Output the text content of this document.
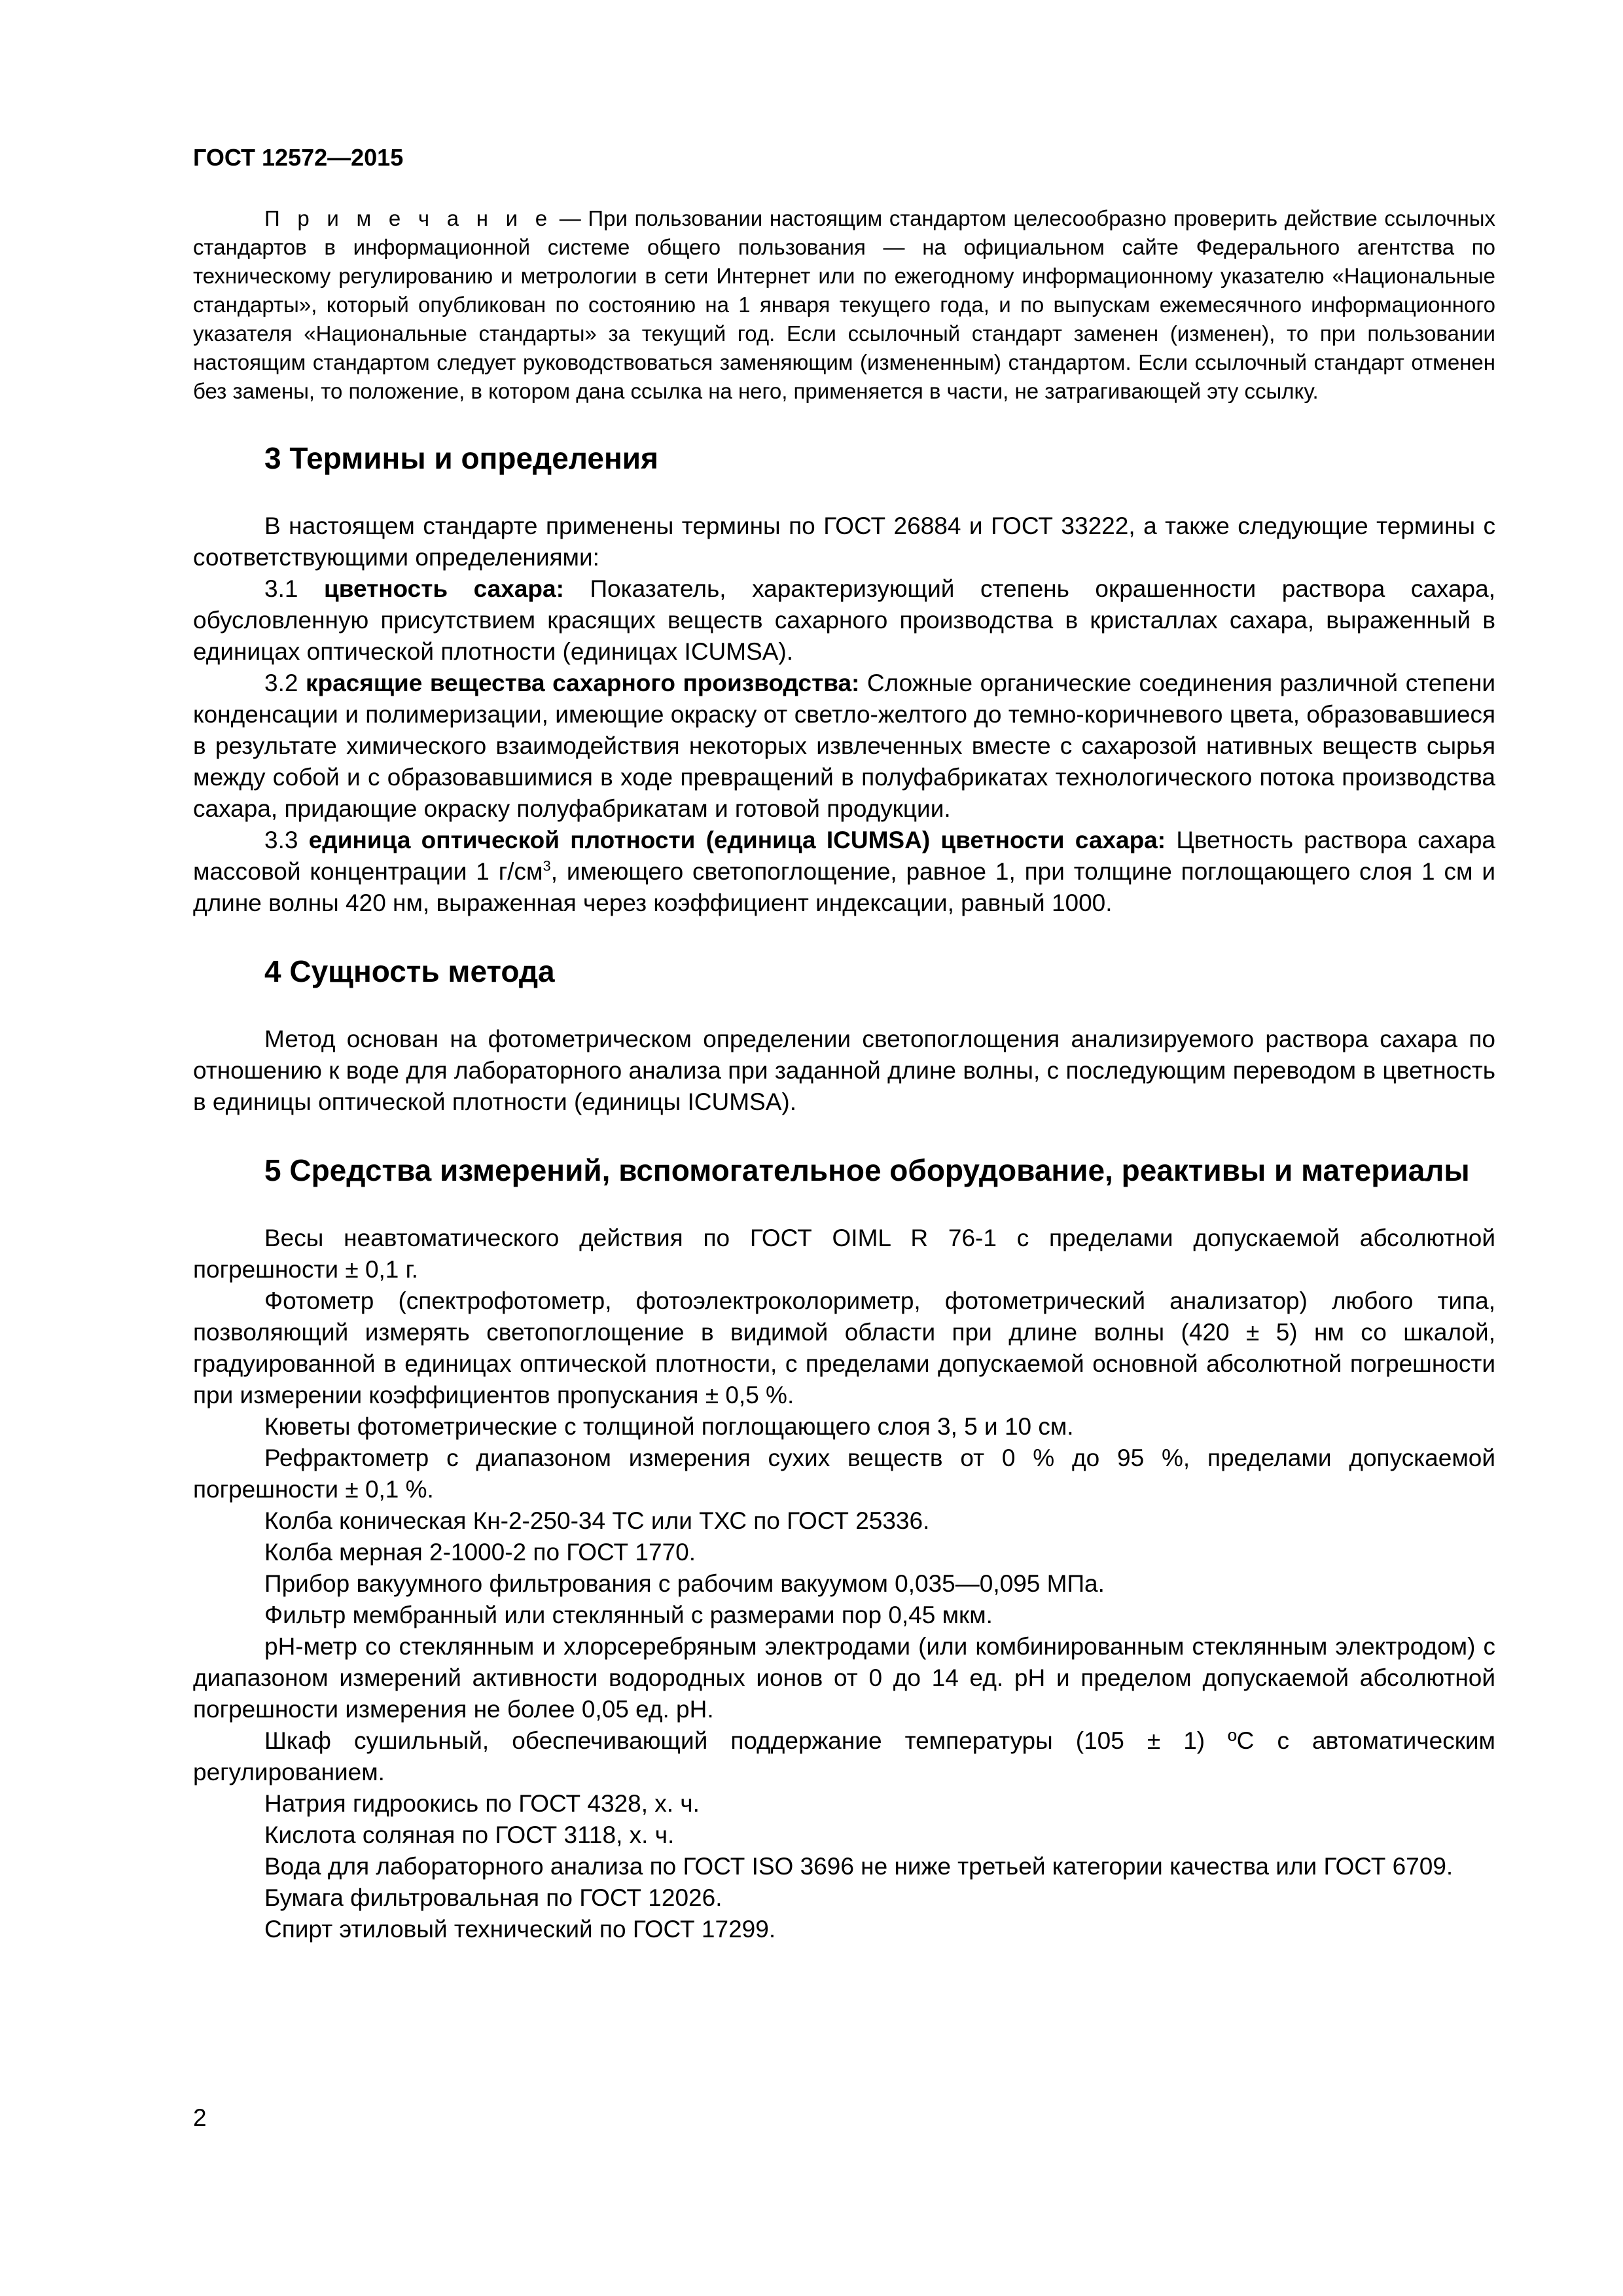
ГОСТ 12572—2015

П р и м е ч а н и е — При пользовании настоящим стандартом целесообразно проверить действие ссылочных стандартов в информационной системе общего пользования — на официальном сайте Федерального агентства по техническому регулированию и метрологии в сети Интернет или по ежегодному информационному указателю «Национальные стандарты», который опубликован по состоянию на 1 января текущего года, и по выпускам ежемесячного информационного указателя «Национальные стандарты» за текущий год. Если ссылочный стандарт заменен (изменен), то при пользовании настоящим стандартом следует руководствоваться заменяющим (измененным) стандартом. Если ссылочный стандарт отменен без замены, то положение, в котором дана ссылка на него, применяется в части, не затрагивающей эту ссылку.

3 Термины и определения

В настоящем стандарте применены термины по ГОСТ 26884 и ГОСТ 33222, а также следующие термины с соответствующими определениями:

3.1 цветность сахара: Показатель, характеризующий степень окрашенности раствора сахара, обусловленную присутствием красящих веществ сахарного производства в кристаллах сахара, выраженный в единицах оптической плотности (единицах ICUMSA).

3.2 красящие вещества сахарного производства: Сложные органические соединения различной степени конденсации и полимеризации, имеющие окраску от светло-желтого до темно-коричневого цвета, образовавшиеся в результате химического взаимодействия некоторых извлеченных вместе с сахарозой нативных веществ сырья между собой и с образовавшимися в ходе превращений в полуфабрикатах технологического потока производства сахара, придающие окраску полуфабрикатам и готовой продукции.

3.3 единица оптической плотности (единица ICUMSA) цветности сахара: Цветность раствора сахара массовой концентрации 1 $г/см^3$, имеющего светопоглощение, равное 1, при толщине поглощающего слоя 1 см и длине волны 420 нм, выраженная через коэффициент индексации, равный 1000.

4 Сущность метода

Метод основан на фотометрическом определении светопоглощения анализируемого раствора сахара по отношению к воде для лабораторного анализа при заданной длине волны, с последующим переводом в цветность в единицы оптической плотности (единицы ICUMSA).

5 Средства измерений, вспомогательное оборудование, реактивы и материалы

Весы неавтоматического действия по ГОСТ OIML R 76-1 с пределами допускаемой абсолютной погрешности ± 0,1 г.

Фотометр (спектрофотометр, фотоэлектроколориметр, фотометрический анализатор) любого типа, позволяющий измерять светопоглощение в видимой области при длине волны (420 ± 5) нм со шкалой, градуированной в единицах оптической плотности, с пределами допускаемой основной абсолютной погрешности при измерении коэффициентов пропускания ± 0,5 %.

Кюветы фотометрические с толщиной поглощающего слоя 3, 5 и 10 см.

Рефрактометр с диапазоном измерения сухих веществ от 0 % до 95 %, пределами допускаемой погрешности ± 0,1 %.

Колба коническая Кн-2-250-34 ТС или ТХС по ГОСТ 25336.

Колба мерная 2-1000-2 по ГОСТ 1770.

Прибор вакуумного фильтрования с рабочим вакуумом 0,035—0,095 МПа.

Фильтр мембранный или стеклянный с размерами пор 0,45 мкм.

pH-метр со стеклянным и хлорсеребряным электродами (или комбинированным стеклянным электродом) с диапазоном измерений активности водородных ионов от 0 до 14 ед. pH и пределом допускаемой абсолютной погрешности измерения не более 0,05 ед. pH.

Шкаф сушильный, обеспечивающий поддержание температуры (105 ± 1) ºС с автоматическим регулированием.

Натрия гидроокись по ГОСТ 4328, х. ч.

Кислота соляная по ГОСТ 3118, х. ч.

Вода для лабораторного анализа по ГОСТ ISO 3696 не ниже третьей категории качества или ГОСТ 6709.

Бумага фильтровальная по ГОСТ 12026.

Спирт этиловый технический по ГОСТ 17299.

2
